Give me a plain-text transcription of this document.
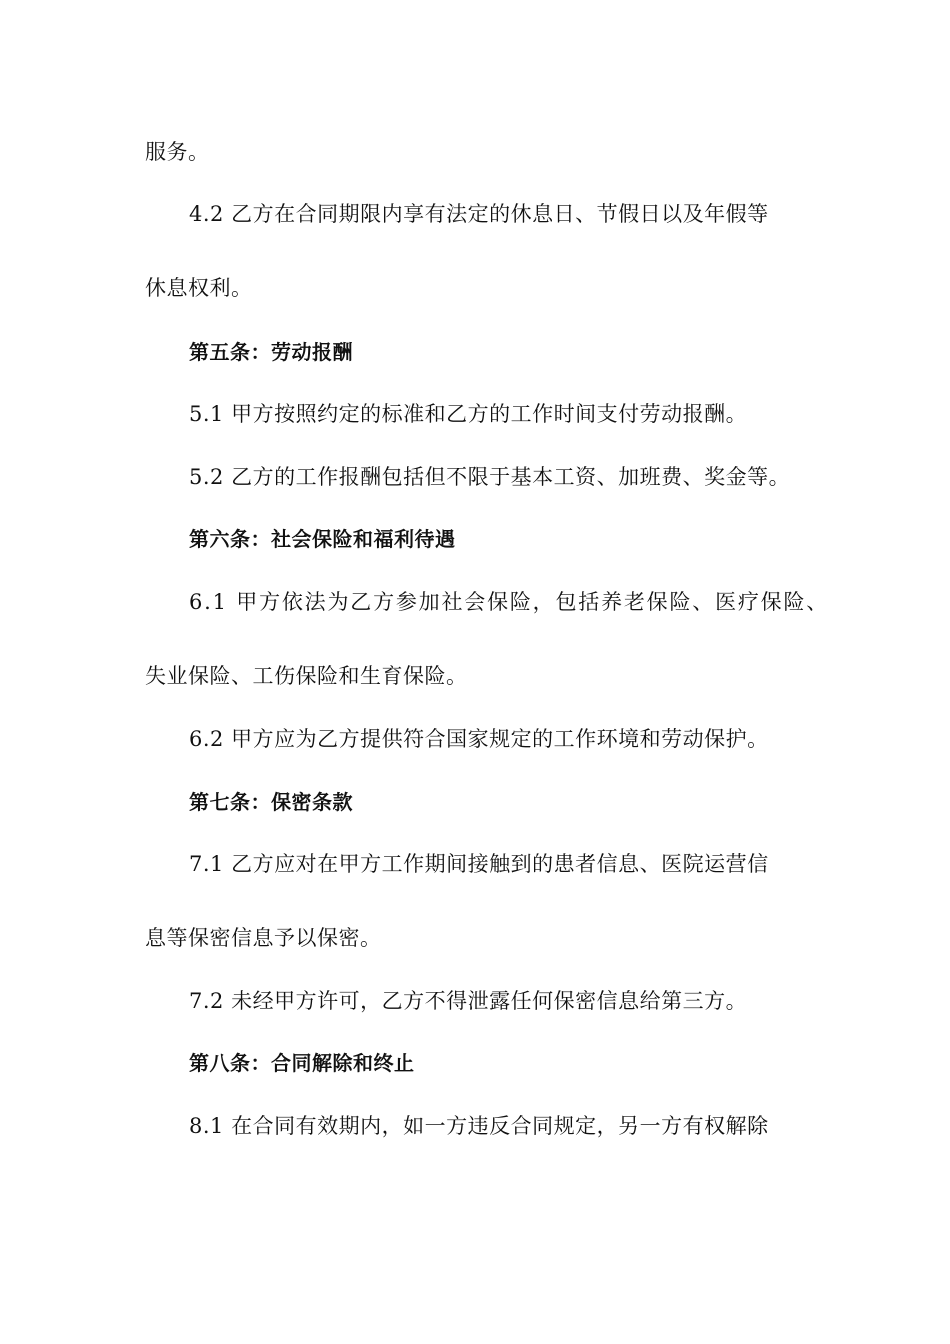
服务。
4.2 乙方在合同期限内享有法定的休息日、节假日以及年假等
休息权利。
第五条：劳动报酬
5.1 甲方按照约定的标准和乙方的工作时间支付劳动报酬。
5.2 乙方的工作报酬包括但不限于基本工资、加班费、奖金等。
第六条：社会保险和福利待遇
6.1 甲方依法为乙方参加社会保险，包括养老保险、医疗保险、
失业保险、工伤保险和生育保险。
6.2 甲方应为乙方提供符合国家规定的工作环境和劳动保护。
第七条：保密条款
7.1 乙方应对在甲方工作期间接触到的患者信息、医院运营信
息等保密信息予以保密。
7.2 未经甲方许可，乙方不得泄露任何保密信息给第三方。
第八条：合同解除和终止
8.1 在合同有效期内，如一方违反合同规定，另一方有权解除
